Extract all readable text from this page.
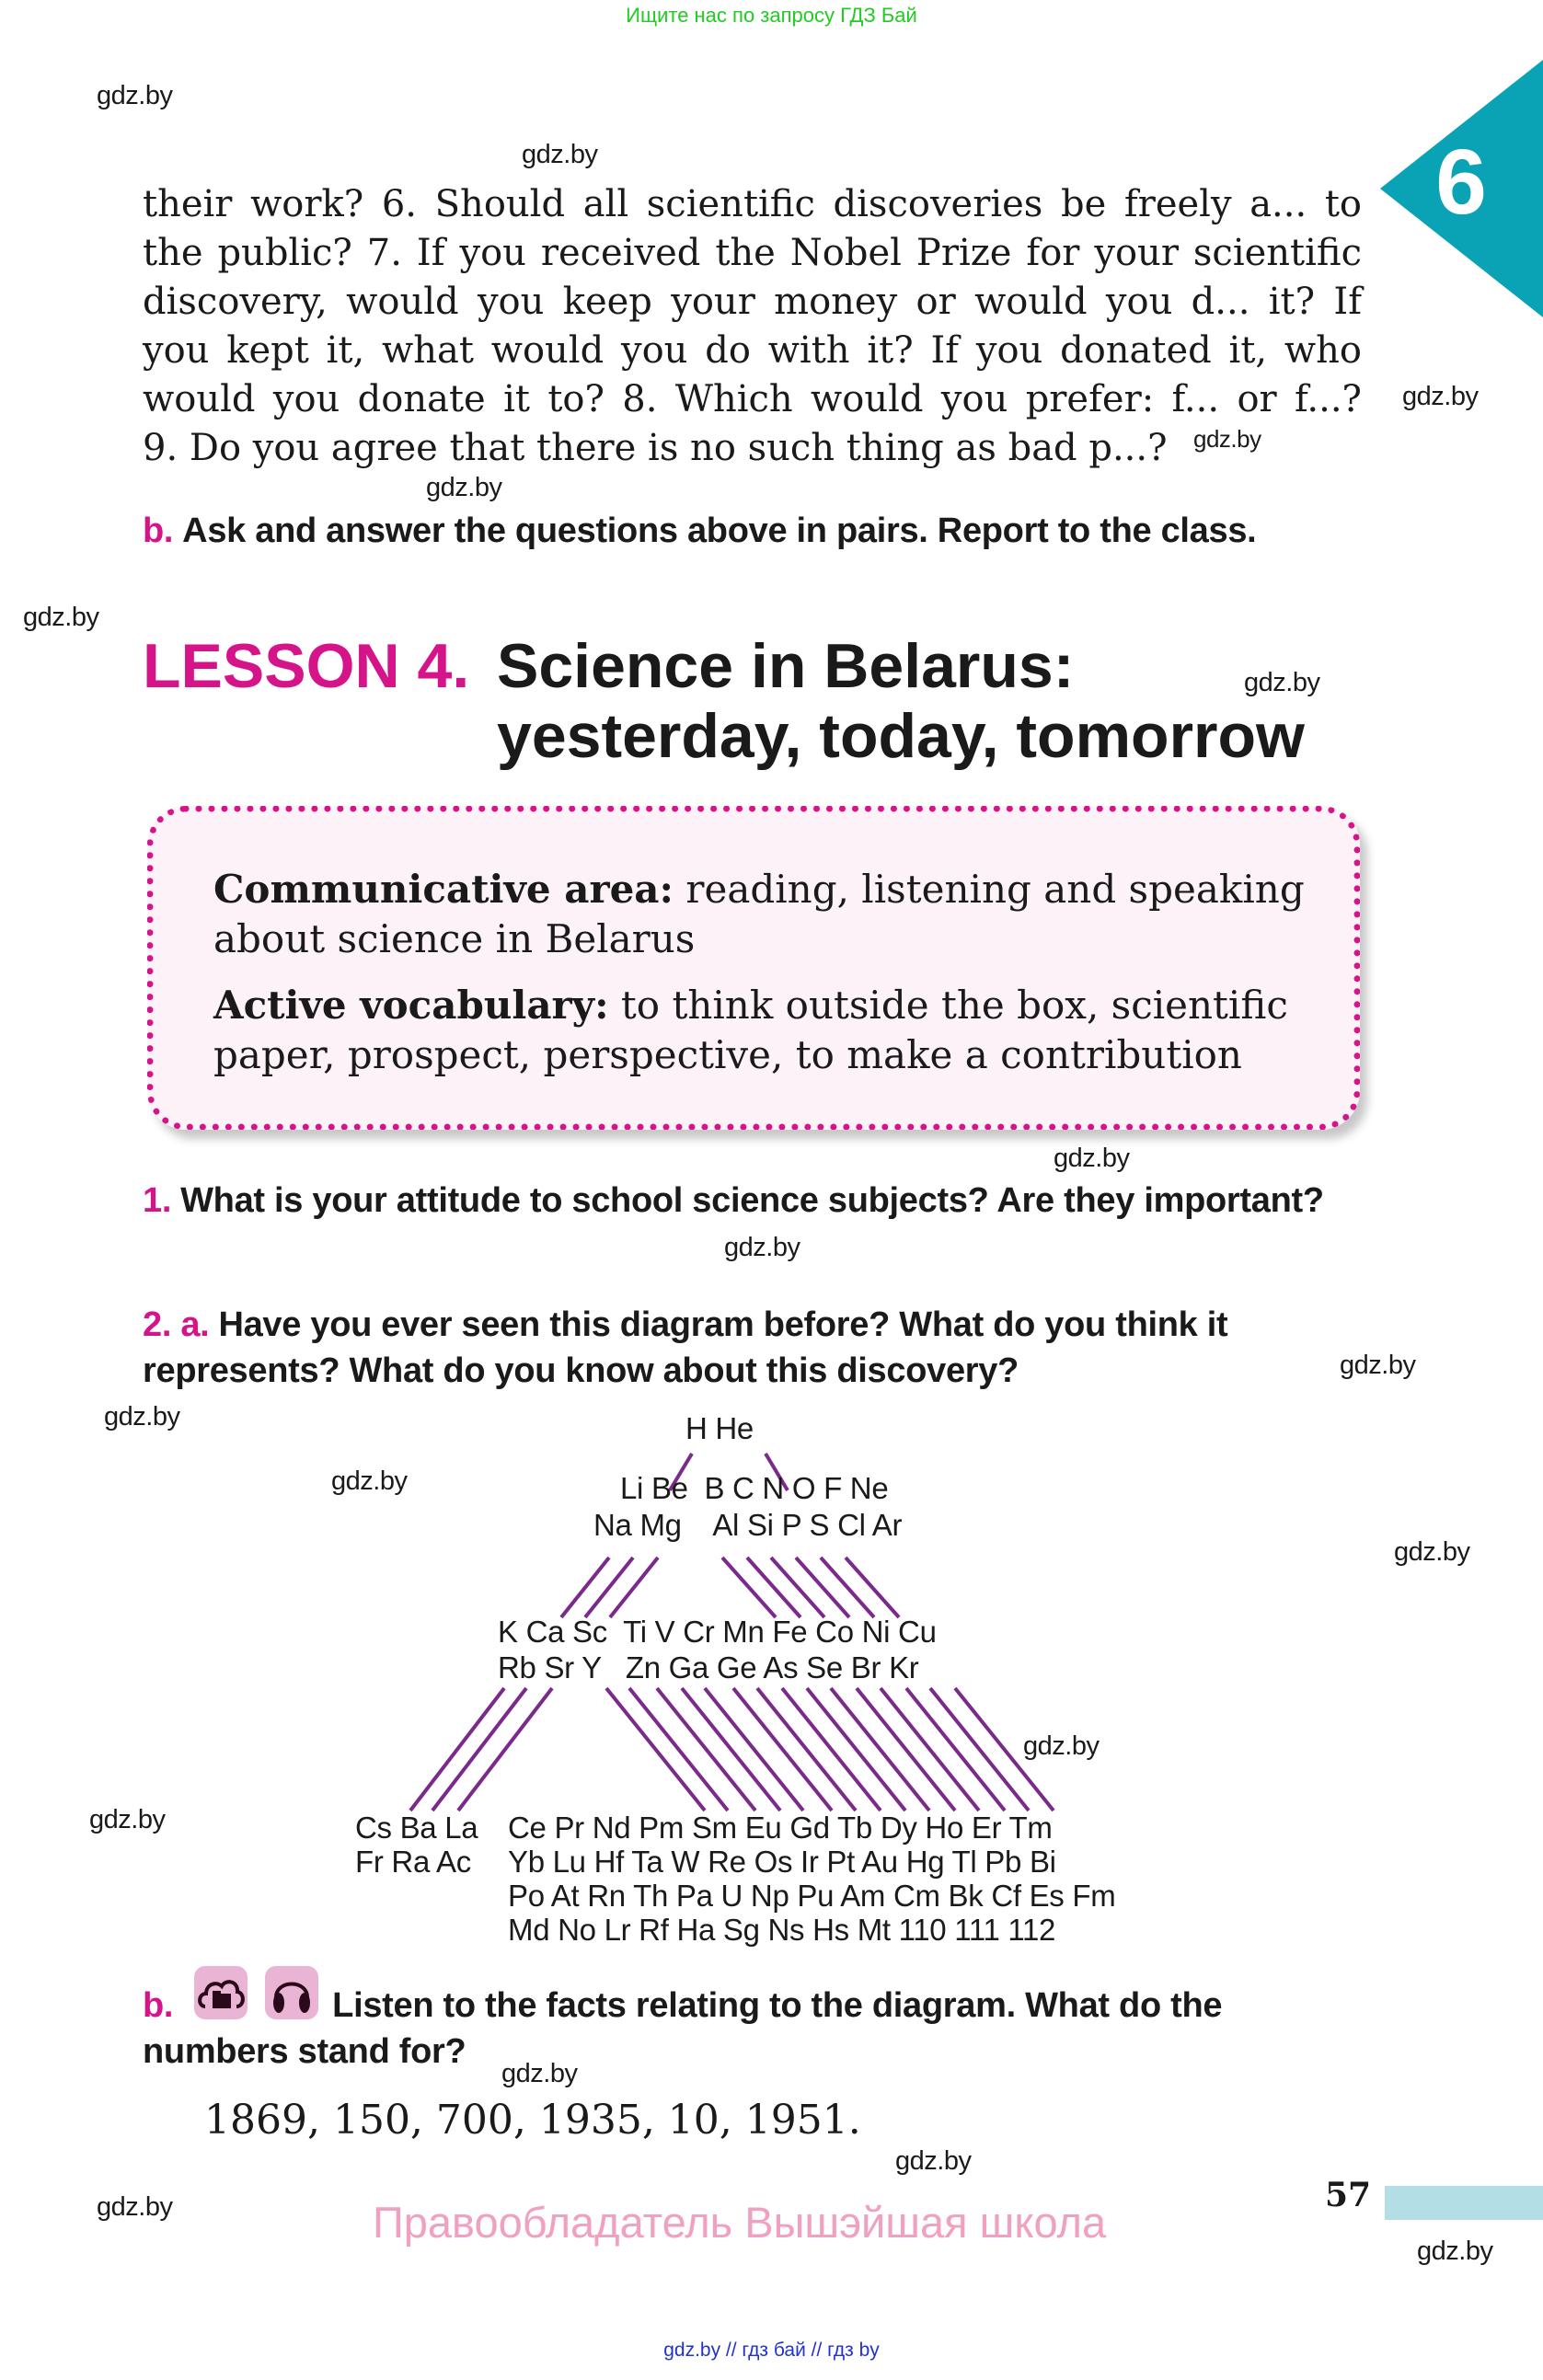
Ищите нас по запросу ГДЗ Бай
6
gdz.by
gdz.by
gdz.by
gdz.by
gdz.by
gdz.by
gdz.by
gdz.by
gdz.by
gdz.by
gdz.by
gdz.by
gdz.by
gdz.by
gdz.by
gdz.by
gdz.by
gdz.by
gdz.by
their work? 6. Should all scientific discoveries be freely a... to
the public? 7. If you received the Nobel Prize for your scientific
discovery, would you keep your money or would you d... it? If
you kept it, what would you do with it? If you donated it, who
would you donate it to? 8. Which would you prefer: f... or f...?
9. Do you agree that there is no such thing as bad p...?
b. Ask and answer the questions above in pairs. Report to the class.
LESSON 4. Science in Belarus:
yesterday, today, tomorrow
Communicative area: reading, listening and speaking about science in Belarus
Active vocabulary: to think outside the box, scientific paper, prospect, perspective, to make a contribution
1. What is your attitude to school science subjects? Are they important?
2. a. Have you ever seen this diagram before? What do you think it represents? What do you know about this discovery?
H He
Li Be  B C N O F Ne
Na Mg    Al Si P S Cl Ar
K Ca Sc  Ti V Cr Mn Fe Co Ni Cu
Rb Sr Y   Zn Ga Ge As Se Br Kr
Cs Ba La
Fr Ra Ac
Ce Pr Nd Pm Sm Eu Gd Tb Dy Ho Er Tm
Yb Lu Hf Ta W Re Os Ir Pt Au Hg Tl Pb Bi
Po At Rn Th Pa U Np Pu Am Cm Bk Cf Es Fm
Md No Lr Rf Ha Sg Ns Hs Mt 110 111 112
b.	Listen to the facts relating to the diagram. What do the numbers stand for?
1869, 150, 700, 1935, 10, 1951.
57
Правообладатель Вышэйшая школа
gdz.by // гдз бай // гдз by
